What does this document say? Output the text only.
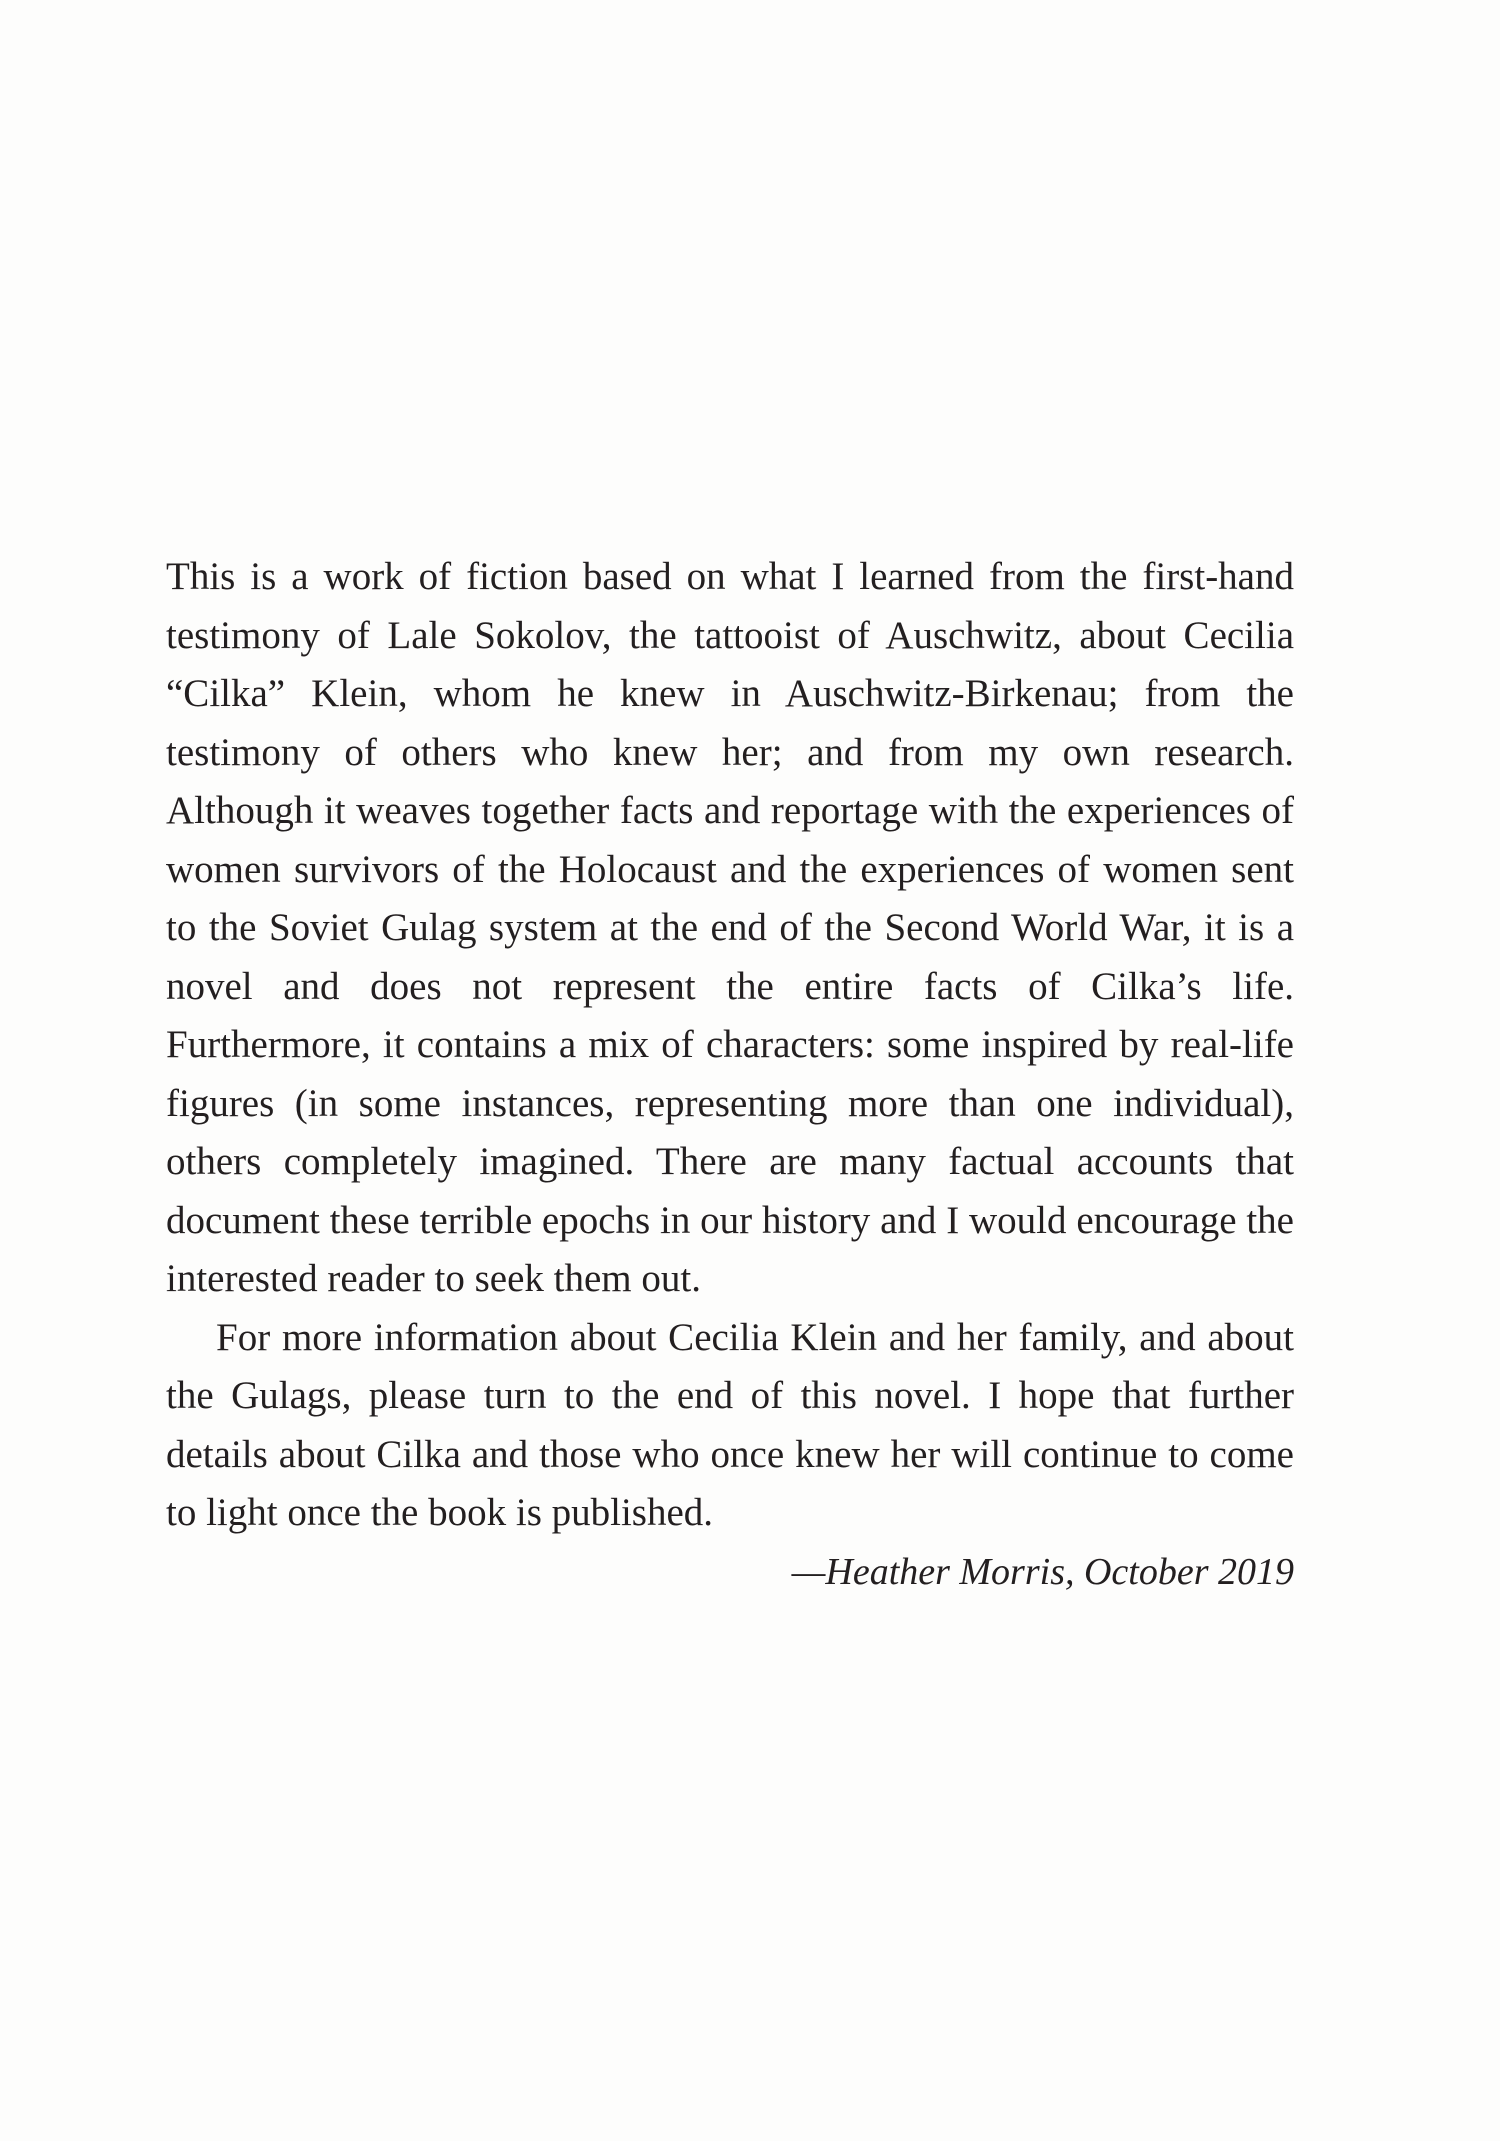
This is a work of fiction based on what I learned from the first-hand testimony of Lale Sokolov, the tattooist of Auschwitz, about Cecilia “Cilka” Klein, whom he knew in Auschwitz-Birkenau; from the testimony of others who knew her; and from my own research. Although it weaves together facts and reportage with the experiences of women survivors of the Holocaust and the experiences of women sent to the Soviet Gulag system at the end of the Second World War, it is a novel and does not represent the entire facts of Cilka’s life. Furthermore, it contains a mix of characters: some inspired by real-life figures (in some instances, representing more than one individual), others completely imagined. There are many factual accounts that document these terrible epochs in our history and I would encourage the interested reader to seek them out.

For more information about Cecilia Klein and her family, and about the Gulags, please turn to the end of this novel. I hope that further details about Cilka and those who once knew her will continue to come to light once the book is published.

—Heather Morris, October 2019
